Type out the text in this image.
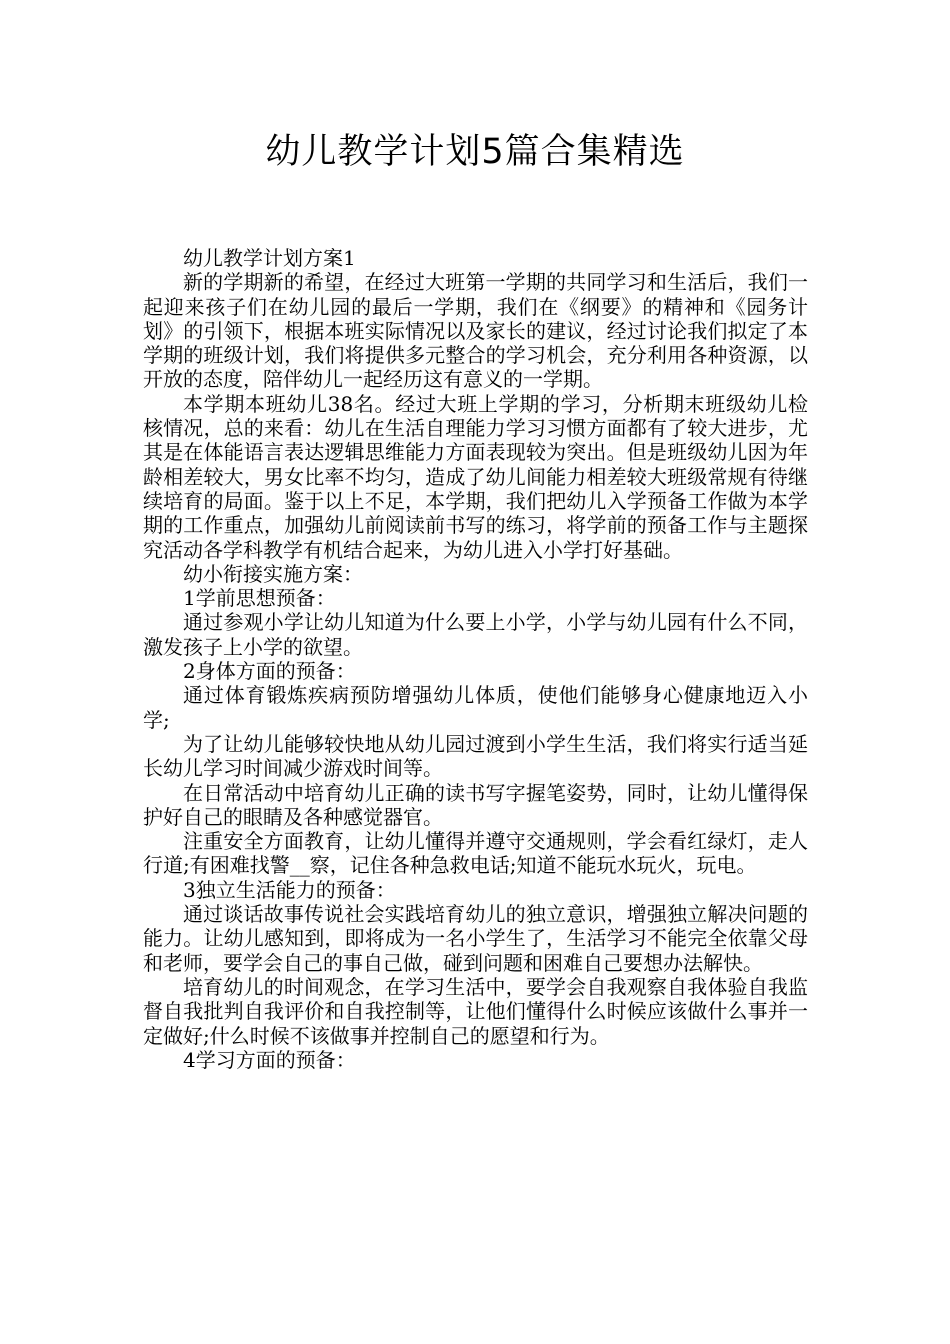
幼儿教学计划5篇合集精选

幼儿教学计划方案1

新的学期新的希望，在经过大班第一学期的共同学习和生活后，我们一起迎来孩子们在幼儿园的最后一学期，我们在《纲要》的精神和《园务计划》的引领下，根据本班实际情况以及家长的建议，经过讨论我们拟定了本学期的班级计划，我们将提供多元整合的学习机会，充分利用各种资源，以开放的态度，陪伴幼儿一起经历这有意义的一学期。

本学期本班幼儿38名。经过大班上学期的学习，分析期末班级幼儿检核情况，总的来看：幼儿在生活自理能力学习习惯方面都有了较大进步，尤其是在体能语言表达逻辑思维能力方面表现较为突出。但是班级幼儿因为年龄相差较大，男女比率不均匀，造成了幼儿间能力相差较大班级常规有待继续培育的局面。鉴于以上不足，本学期，我们把幼儿入学预备工作做为本学期的工作重点，加强幼儿前阅读前书写的练习，将学前的预备工作与主题探究活动各学科教学有机结合起来，为幼儿进入小学打好基础。

幼小衔接实施方案：

1学前思想预备：

通过参观小学让幼儿知道为什么要上小学，小学与幼儿园有什么不同，激发孩子上小学的欲望。

2身体方面的预备：

通过体育锻炼疾病预防增强幼儿体质，使他们能够身心健康地迈入小学;

为了让幼儿能够较快地从幼儿园过渡到小学生生活，我们将实行适当延长幼儿学习时间减少游戏时间等。

在日常活动中培育幼儿正确的读书写字握笔姿势，同时，让幼儿懂得保护好自己的眼睛及各种感觉器官。

注重安全方面教育，让幼儿懂得并遵守交通规则，学会看红绿灯，走人行道;有困难找警__察，记住各种急救电话;知道不能玩水玩火，玩电。

3独立生活能力的预备：

通过谈话故事传说社会实践培育幼儿的独立意识，增强独立解决问题的能力。让幼儿感知到，即将成为一名小学生了，生活学习不能完全依靠父母和老师，要学会自己的事自己做，碰到问题和困难自己要想办法解快。

培育幼儿的时间观念，在学习生活中，要学会自我观察自我体验自我监督自我批判自我评价和自我控制等，让他们懂得什么时候应该做什么事并一定做好;什么时候不该做事并控制自己的愿望和行为。

4学习方面的预备：
